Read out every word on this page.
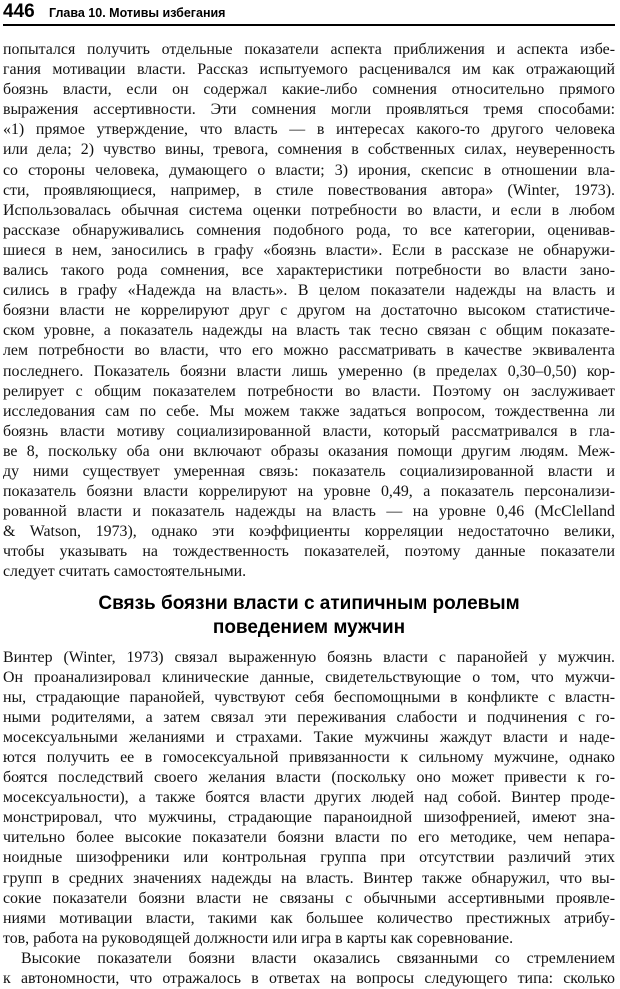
446 Глава 10. Мотивы избегания
попытался получить отдельные показатели аспекта приближения и аспекта избе-
гания мотивации власти. Рассказ испытуемого расценивался им как отражающий
боязнь власти, если он содержал какие-либо сомнения относительно прямого
выражения ассертивности. Эти сомнения могли проявляться тремя способами:
«1) прямое утверждение, что власть — в интересах какого-то другого человека
или дела; 2) чувство вины, тревога, сомнения в собственных силах, неуверенность
со стороны человека, думающего о власти; 3) ирония, скепсис в отношении вла-
сти, проявляющиеся, например, в стиле повествования автора» (Winter, 1973).
Использовалась обычная система оценки потребности во власти, и если в любом
рассказе обнаруживались сомнения подобного рода, то все категории, оценивав-
шиеся в нем, заносились в графу «боязнь власти». Если в рассказе не обнаружи-
вались такого рода сомнения, все характеристики потребности во власти зано-
сились в графу «Надежда на власть». В целом показатели надежды на власть и
боязни власти не коррелируют друг с другом на достаточно высоком статистиче-
ском уровне, а показатель надежды на власть так тесно связан с общим показате-
лем потребности во власти, что его можно рассматривать в качестве эквивалента
последнего. Показатель боязни власти лишь умеренно (в пределах 0,30–0,50) кор-
релирует с общим показателем потребности во власти. Поэтому он заслуживает
исследования сам по себе. Мы можем также задаться вопросом, тождественна ли
боязнь власти мотиву социализированной власти, который рассматривался в гла-
ве 8, поскольку оба они включают образы оказания помощи другим людям. Меж-
ду ними существует умеренная связь: показатель социализированной власти и
показатель боязни власти коррелируют на уровне 0,49, а показатель персонализи-
рованной власти и показатель надежды на власть — на уровне 0,46 (McClelland
& Watson, 1973), однако эти коэффициенты корреляции недостаточно велики,
чтобы указывать на тождественность показателей, поэтому данные показатели
следует считать самостоятельными.
Связь боязни власти с атипичным ролевым
поведением мужчин
Винтер (Winter, 1973) связал выраженную боязнь власти с паранойей у мужчин.
Он проанализировал клинические данные, свидетельствующие о том, что мужчи-
ны, страдающие паранойей, чувствуют себя беспомощными в конфликте с властн-
ными родителями, а затем связал эти переживания слабости и подчинения с го-
мосексуальными желаниями и страхами. Такие мужчины жаждут власти и наде-
ются получить ее в гомосексуальной привязанности к сильному мужчине, однако
боятся последствий своего желания власти (поскольку оно может привести к го-
мосексуальности), а также боятся власти других людей над собой. Винтер проде-
монстрировал, что мужчины, страдающие параноидной шизофренией, имеют зна-
чительно более высокие показатели боязни власти по его методике, чем непара-
ноидные шизофреники или контрольная группа при отсутствии различий этих
групп в средних значениях надежды на власть. Винтер также обнаружил, что вы-
сокие показатели боязни власти не связаны с обычными ассертивными проявле-
ниями мотивации власти, такими как большее количество престижных атрибу-
тов, работа на руководящей должности или игра в карты как соревнование.
Высокие показатели боязни власти оказались связанными со стремлением
к автономности, что отражалось в ответах на вопросы следующего типа: сколько
